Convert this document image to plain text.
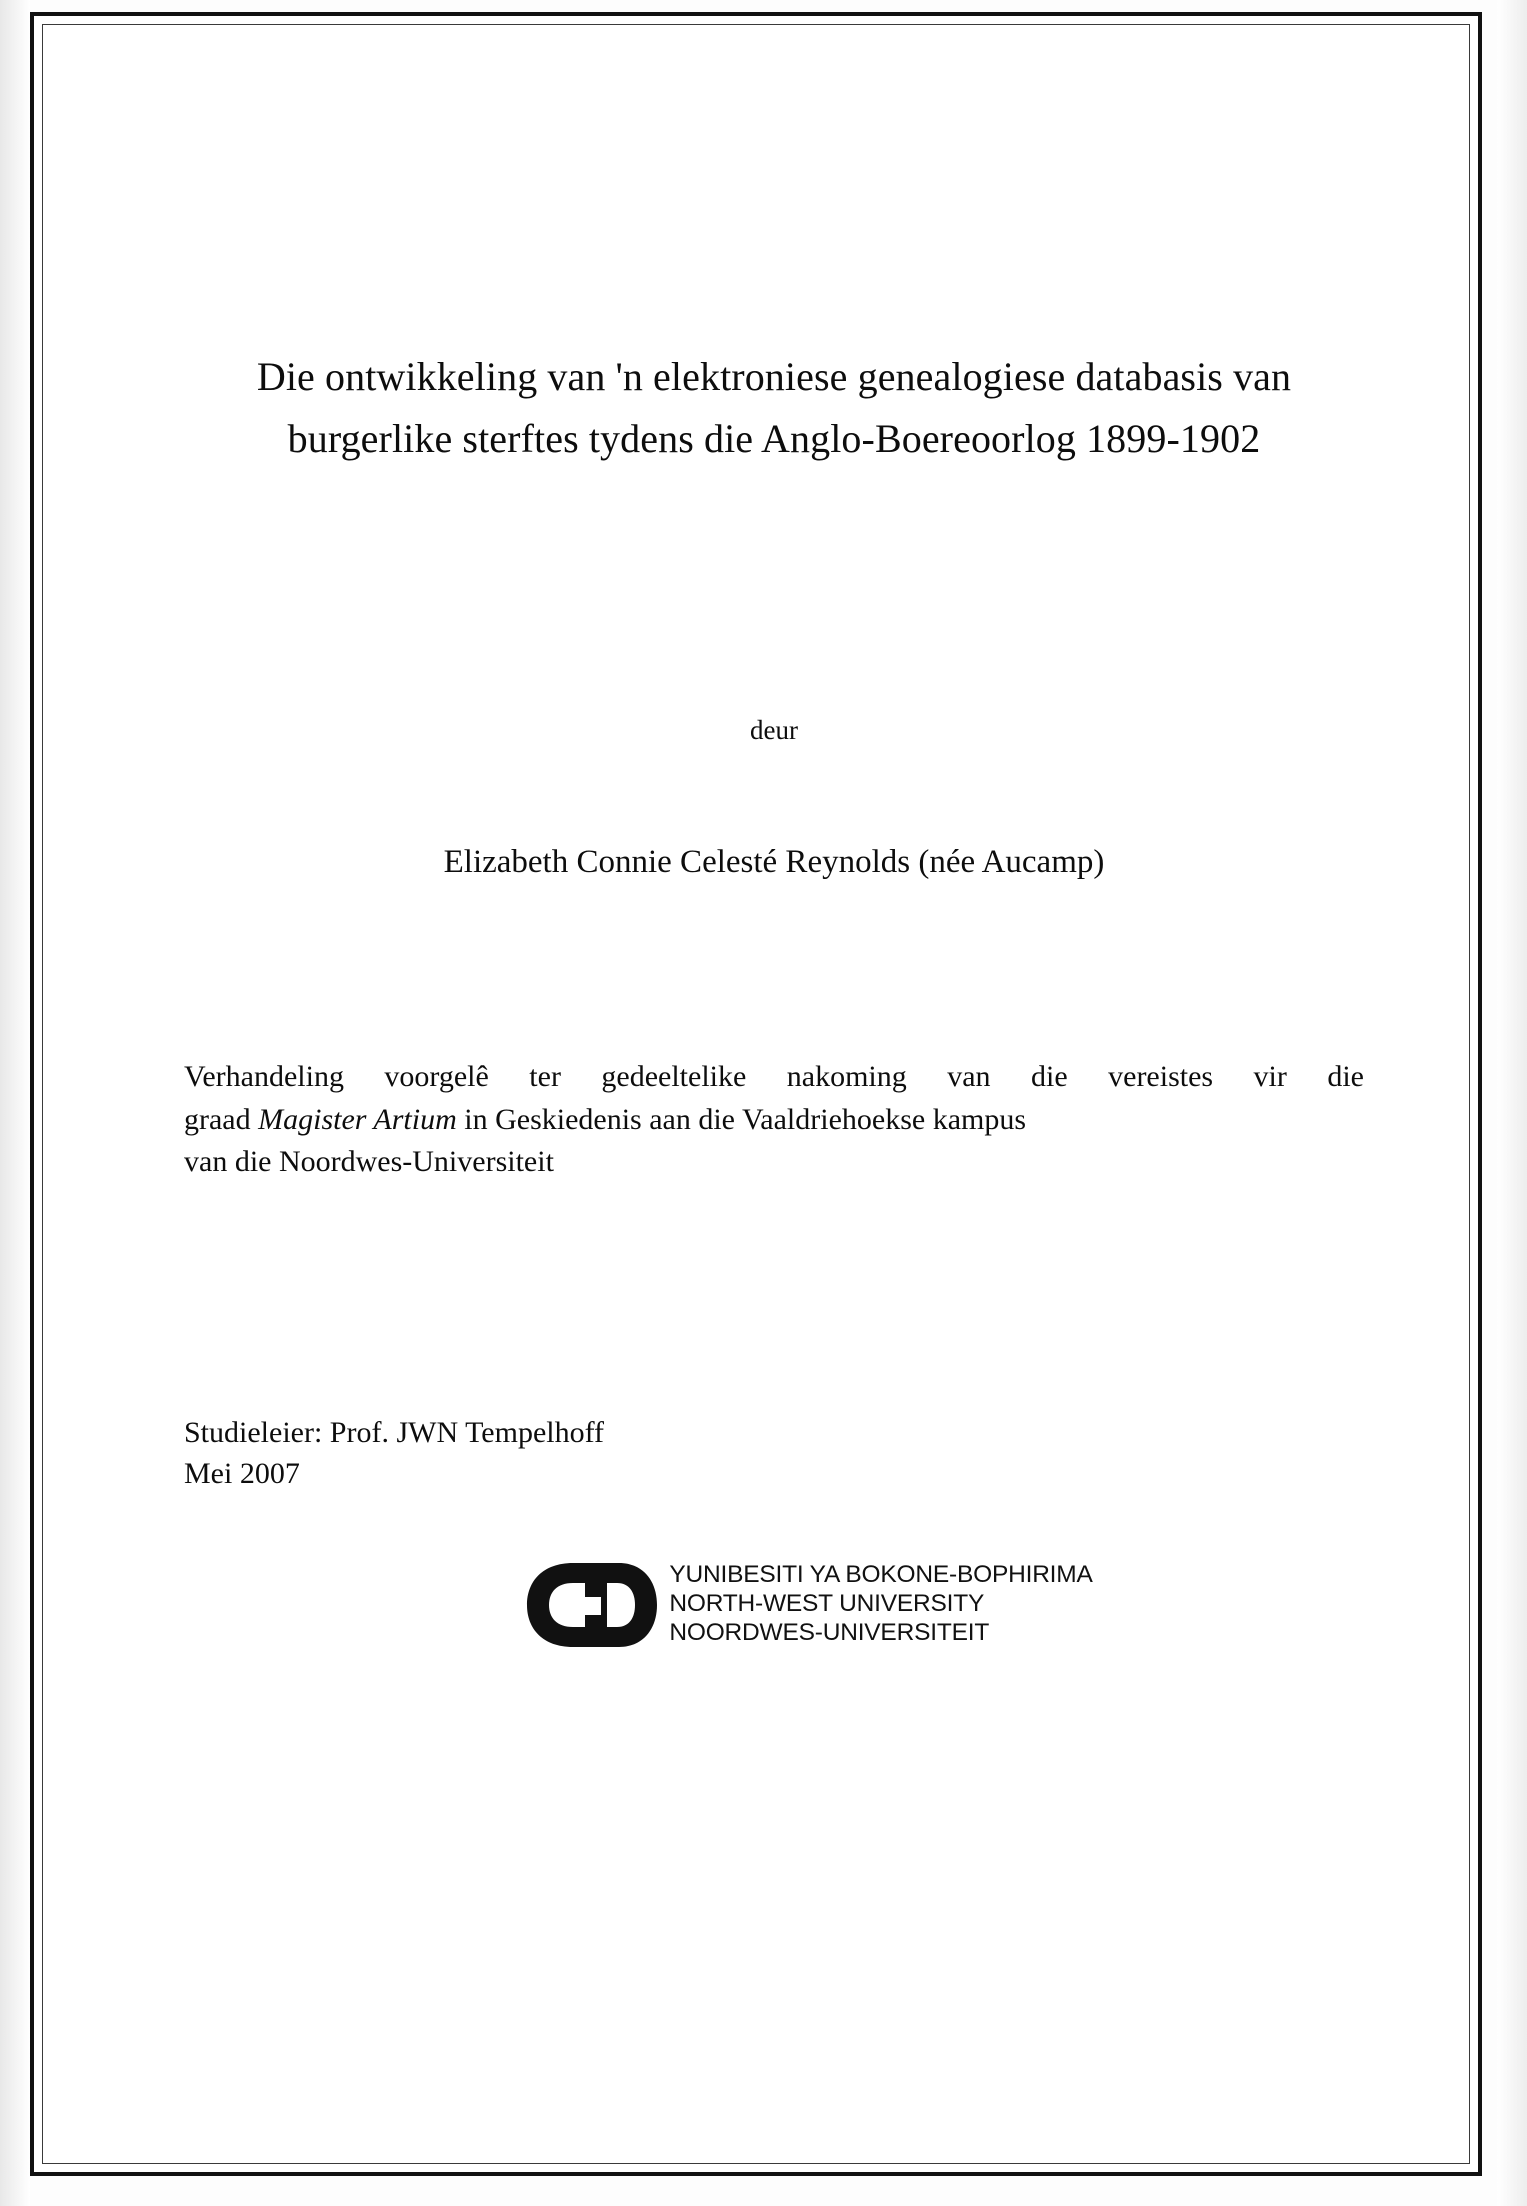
Die ontwikkeling van 'n elektroniese genealogiese databasis van
burgerlike sterftes tydens die Anglo-Boereoorlog 1899-1902
deur
Elizabeth Connie Celesté Reynolds (née Aucamp)
Verhandeling voorgelê ter gedeeltelike nakoming van die vereistes vir die
graad Magister Artium in Geskiedenis aan die Vaaldriehoekse kampus
van die Noordwes-Universiteit
Studieleier: Prof. JWN Tempelhoff
Mei 2007
YUNIBESITI YA BOKONE-BOPHIRIMA
NORTH-WEST UNIVERSITY
NOORDWES-UNIVERSITEIT
